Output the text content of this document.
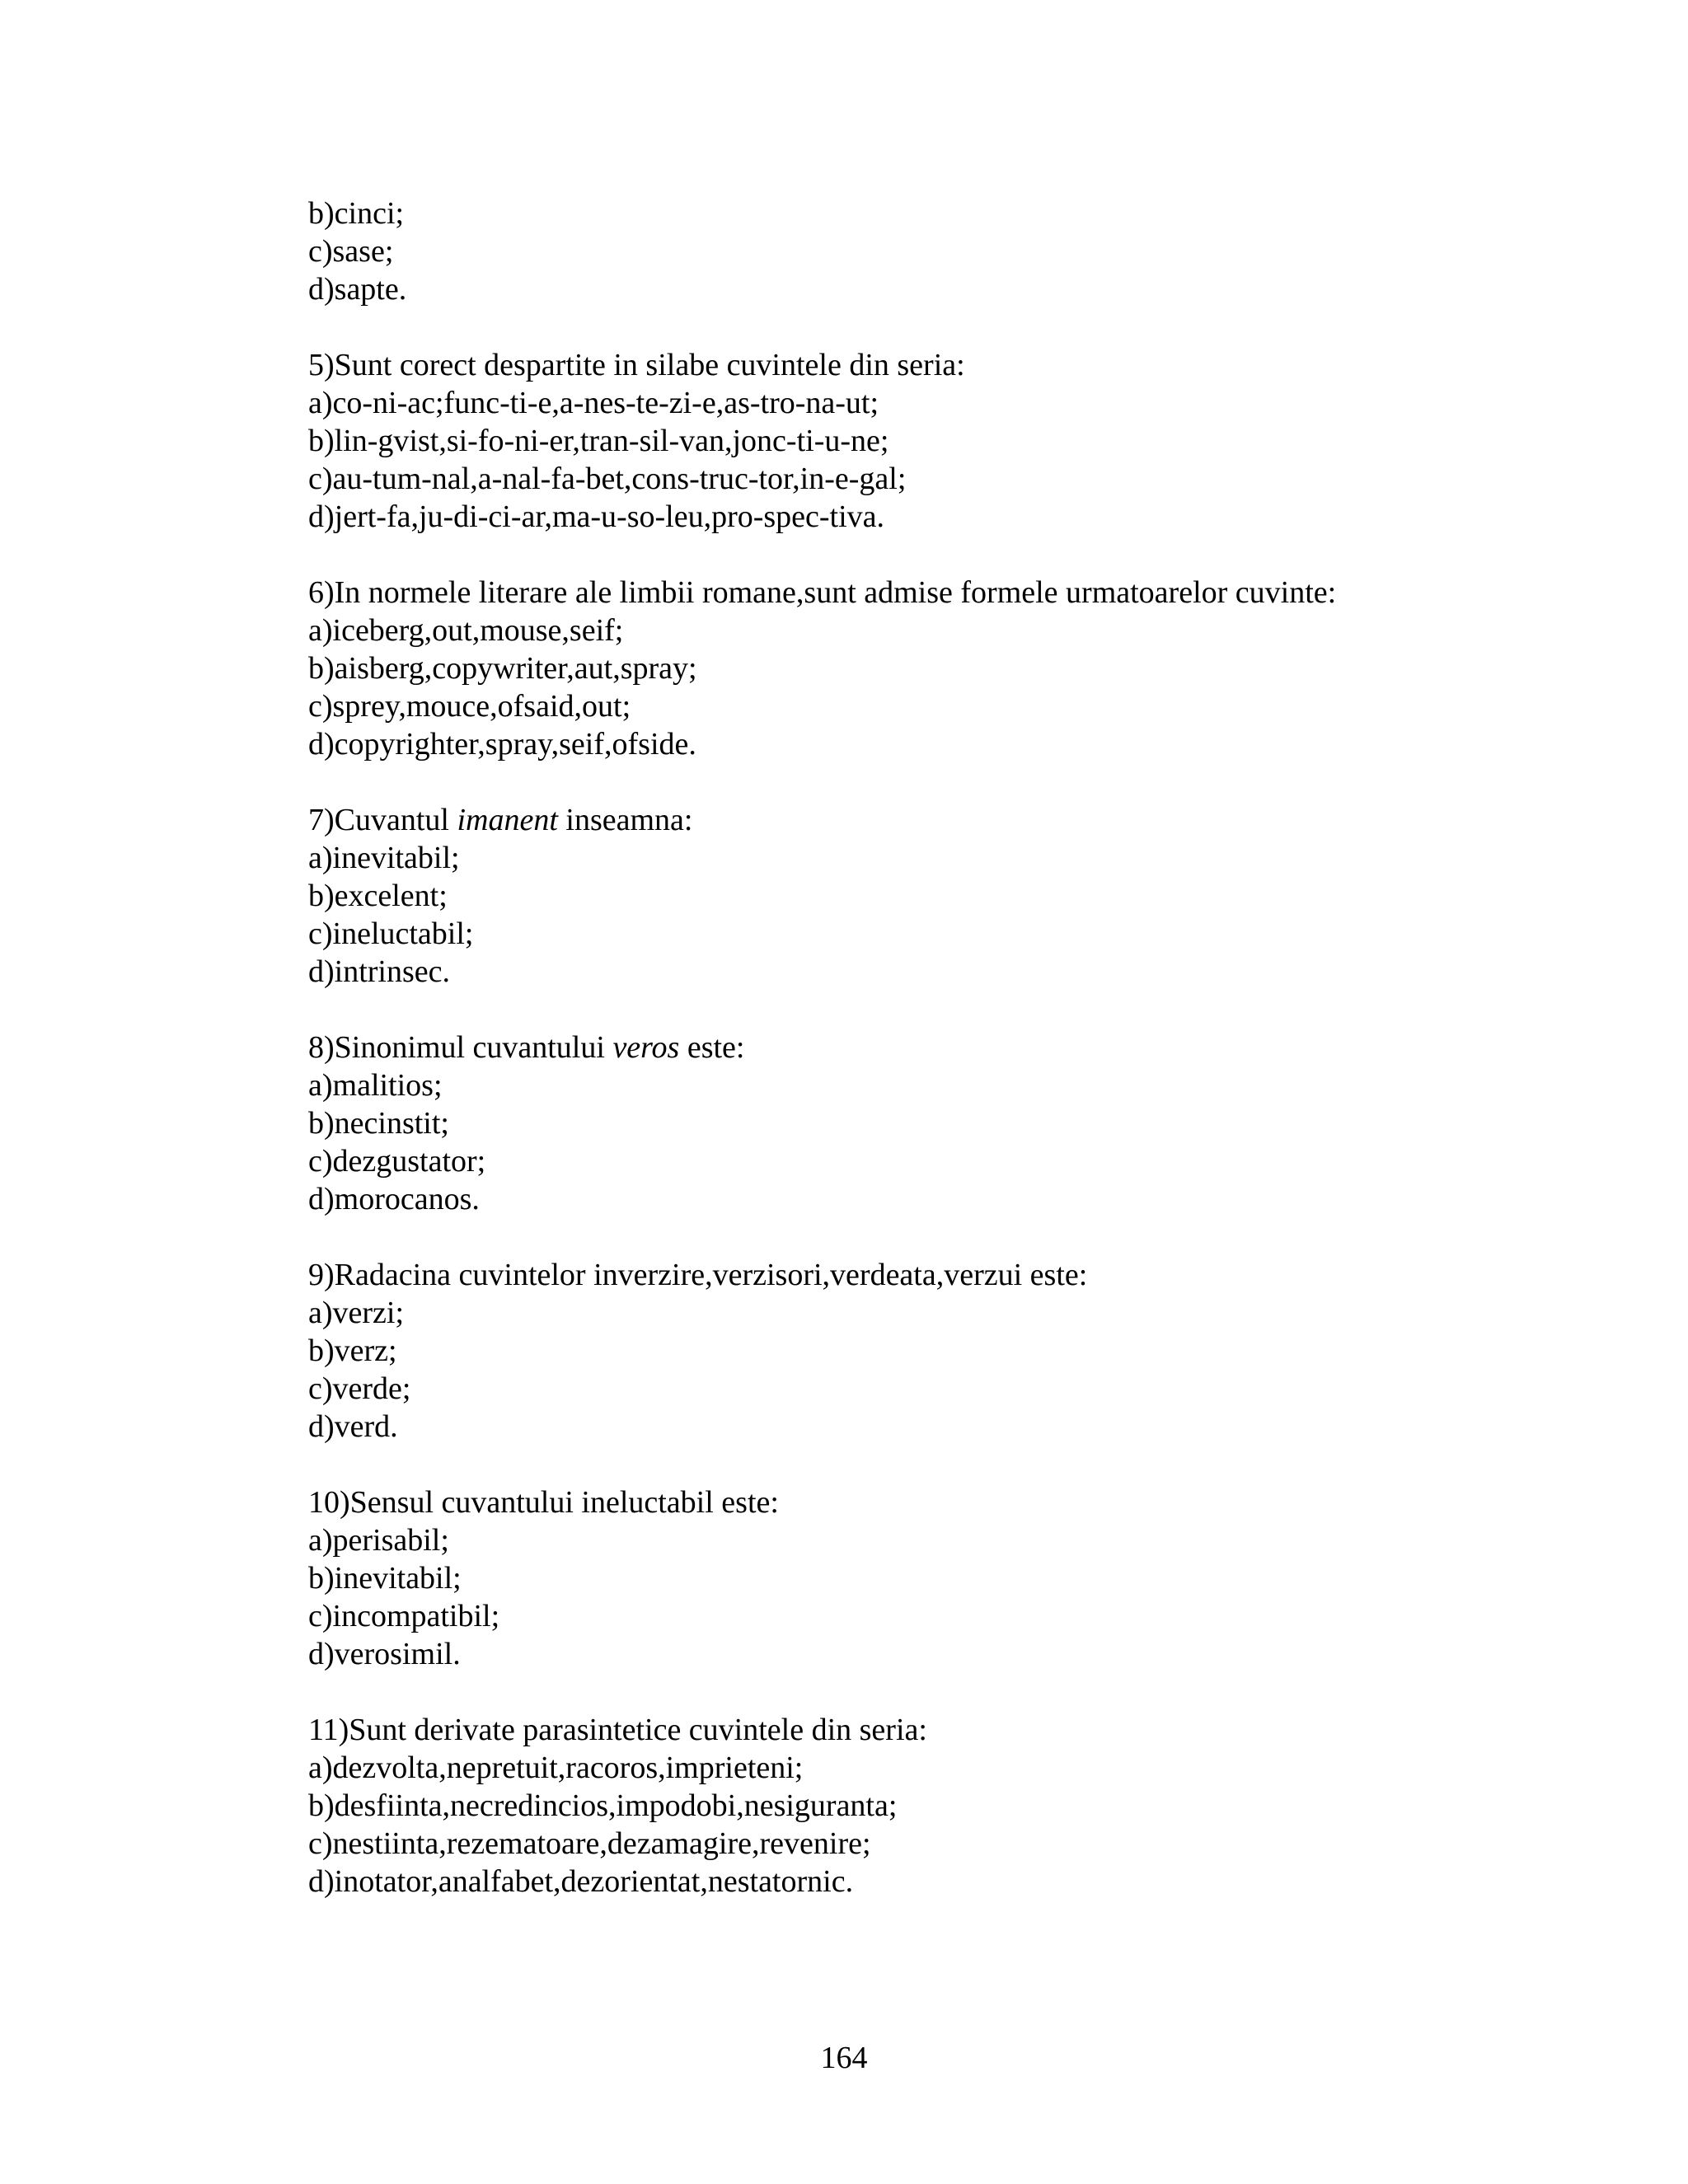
b)cinci;
c)sase;
d)sapte.
5)Sunt corect despartite in silabe cuvintele din seria:
a)co-ni-ac;func-ti-e,a-nes-te-zi-e,as-tro-na-ut;
b)lin-gvist,si-fo-ni-er,tran-sil-van,jonc-ti-u-ne;
c)au-tum-nal,a-nal-fa-bet,cons-truc-tor,in-e-gal;
d)jert-fa,ju-di-ci-ar,ma-u-so-leu,pro-spec-tiva.
6)In normele literare ale limbii romane,sunt admise formele urmatoarelor cuvinte:
a)iceberg,out,mouse,seif;
b)aisberg,copywriter,aut,spray;
c)sprey,mouce,ofsaid,out;
d)copyrighter,spray,seif,ofside.
7)Cuvantul imanent inseamna:
a)inevitabil;
b)excelent;
c)ineluctabil;
d)intrinsec.
8)Sinonimul cuvantului veros este:
a)malitios;
b)necinstit;
c)dezgustator;
d)morocanos.
9)Radacina cuvintelor inverzire,verzisori,verdeata,verzui este:
a)verzi;
b)verz;
c)verde;
d)verd.
10)Sensul cuvantului ineluctabil este:
a)perisabil;
b)inevitabil;
c)incompatibil;
d)verosimil.
11)Sunt derivate parasintetice cuvintele din seria:
a)dezvolta,nepretuit,racoros,imprieteni;
b)desfiinta,necredincios,impodobi,nesiguranta;
c)nestiinta,rezematoare,dezamagire,revenire;
d)inotator,analfabet,dezorientat,nestatornic.
164
